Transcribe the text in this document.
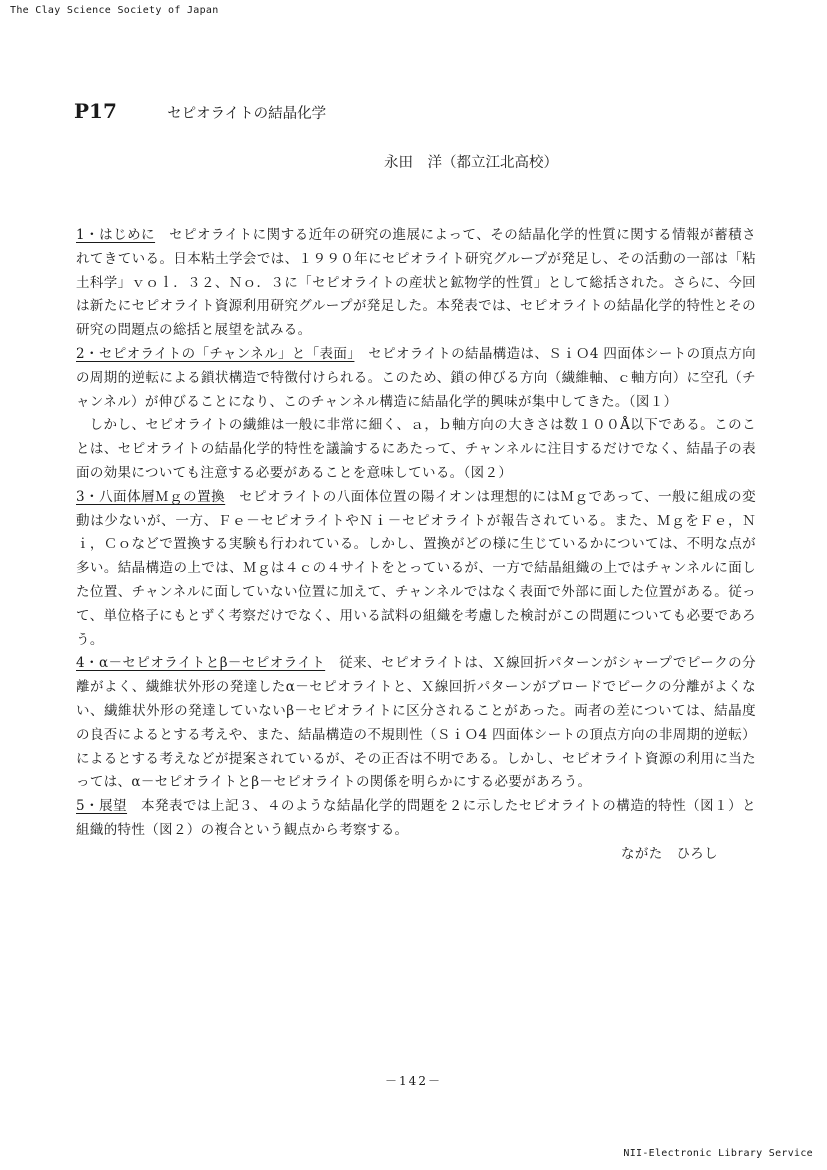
The Clay Science Society of Japan
P17	セピオライトの結晶化学
永田　洋（都立江北高校）

1・はじめに　 セピオライトに関する近年の研究の進展によって、その結晶化学的性質に関する情報が蓄積されてきている。日本粘土学会では、１９９０年にセピオライト研究グループが発足し、その活動の一部は「粘土科学」ｖｏｌ．３２、Ｎｏ．３に「セピオライトの産状と鉱物学的性質」として総括された。さらに、今回は新たにセピオライト資源利用研究グループが発足した。本発表では、セピオライトの結晶化学的特性とその研究の問題点の総括と展望を試みる。

2・セピオライトの「チャンネル」と「表面」　 セピオライトの結晶構造は、ＳｉＯ4 四面体シートの頂点方向の周期的逆転による鎖状構造で特徴付けられる。このため、鎖の伸びる方向（繊維軸、ｃ軸方向）に空孔（チャンネル）が伸びることになり、このチャンネル構造に結晶化学的興味が集中してきた。（図１）

しかし、セピオライトの繊維は一般に非常に細く、ａ，ｂ軸方向の大きさは数１００Å以下である。このことは、セピオライトの結晶化学的特性を議論するにあたって、チャンネルに注目するだけでなく、結晶子の表面の効果についても注意する必要があることを意味している。（図２）

3・八面体層Ｍｇの置換　 セピオライトの八面体位置の陽イオンは理想的にはＭｇであって、一般に組成の変動は少ないが、一方、Ｆｅ－セピオライトやＮｉ－セピオライトが報告されている。また、ＭｇをＦｅ，Ｎｉ，Ｃｏなどで置換する実験も行われている。しかし、置換がどの様に生じているかについては、不明な点が多い。結晶構造の上では、Ｍｇは４ｃの４サイトをとっているが、一方で結晶組織の上ではチャンネルに面した位置、チャンネルに面していない位置に加えて、チャンネルではなく表面で外部に面した位置がある。従って、単位格子にもとずく考察だけでなく、用いる試料の組織を考慮した検討がこの問題についても必要であろう。

4・α－セピオライトとβ－セピオライト　 従来、セピオライトは、Ｘ線回折パターンがシャープでピークの分離がよく、繊維状外形の発達したα－セピオライトと、Ｘ線回折パターンがブロードでピークの分離がよくない、繊維状外形の発達していないβ－セピオライトに区分されることがあった。両者の差については、結晶度の良否によるとする考えや、また、結晶構造の不規則性（ＳｉＯ4 四面体シートの頂点方向の非周期的逆転）によるとする考えなどが提案されているが、その正否は不明である。しかし、セピオライト資源の利用に当たっては、α－セピオライトとβ－セピオライトの関係を明らかにする必要があろう。

5・展望　 本発表では上記３、４のような結晶化学的問題を２に示したセピオライトの構造的特性（図１）と組織的特性（図２）の複合という観点から考察する。

ながた　ひろし

－142－
NII-Electronic Library Service
